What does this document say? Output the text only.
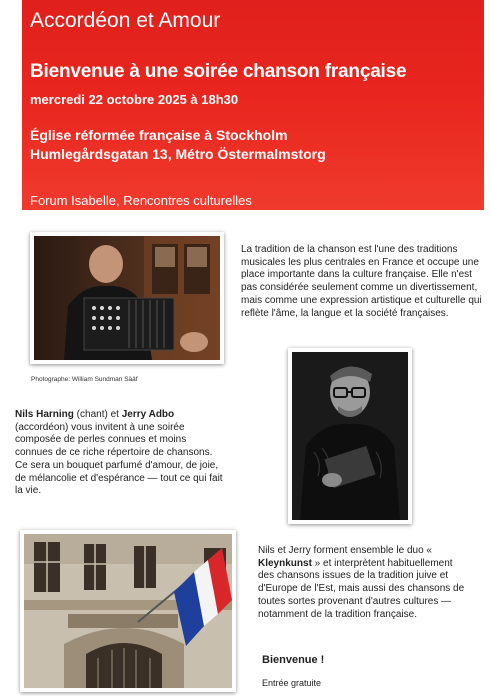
Accordéon et Amour
Bienvenue à une soirée chanson française
mercredi 22 octobre 2025 à 18h30
Église réformée française à Stockholm
Humlegårdsgatan 13, Métro Östermalmstorg
Forum Isabelle, Rencontres culturelles
Photographe: William Sundman Sääf
La tradition de la chanson est l'une des traditions musicales les plus centrales en France et occupe une place importante dans la culture française. Elle n'est pas considérée seulement comme un divertissement, mais comme une expression artistique et culturelle qui reflète l'âme, la langue et la société françaises.
Nils Harning (chant) et Jerry Adbo (accordéon) vous invitent à une soirée composée de perles connues et moins connues de ce riche répertoire de chansons. Ce sera un bouquet parfumé d'amour, de joie, de mélancolie et d'espérance — tout ce qui fait la vie.
Nils et Jerry forment ensemble le duo « Kleynkunst » et interprètent habituellement des chansons issues de la tradition juive et d'Europe de l'Est, mais aussi des chansons de toutes sortes provenant d'autres cultures — notamment de la tradition française.
Bienvenue !
Entrée gratuite
